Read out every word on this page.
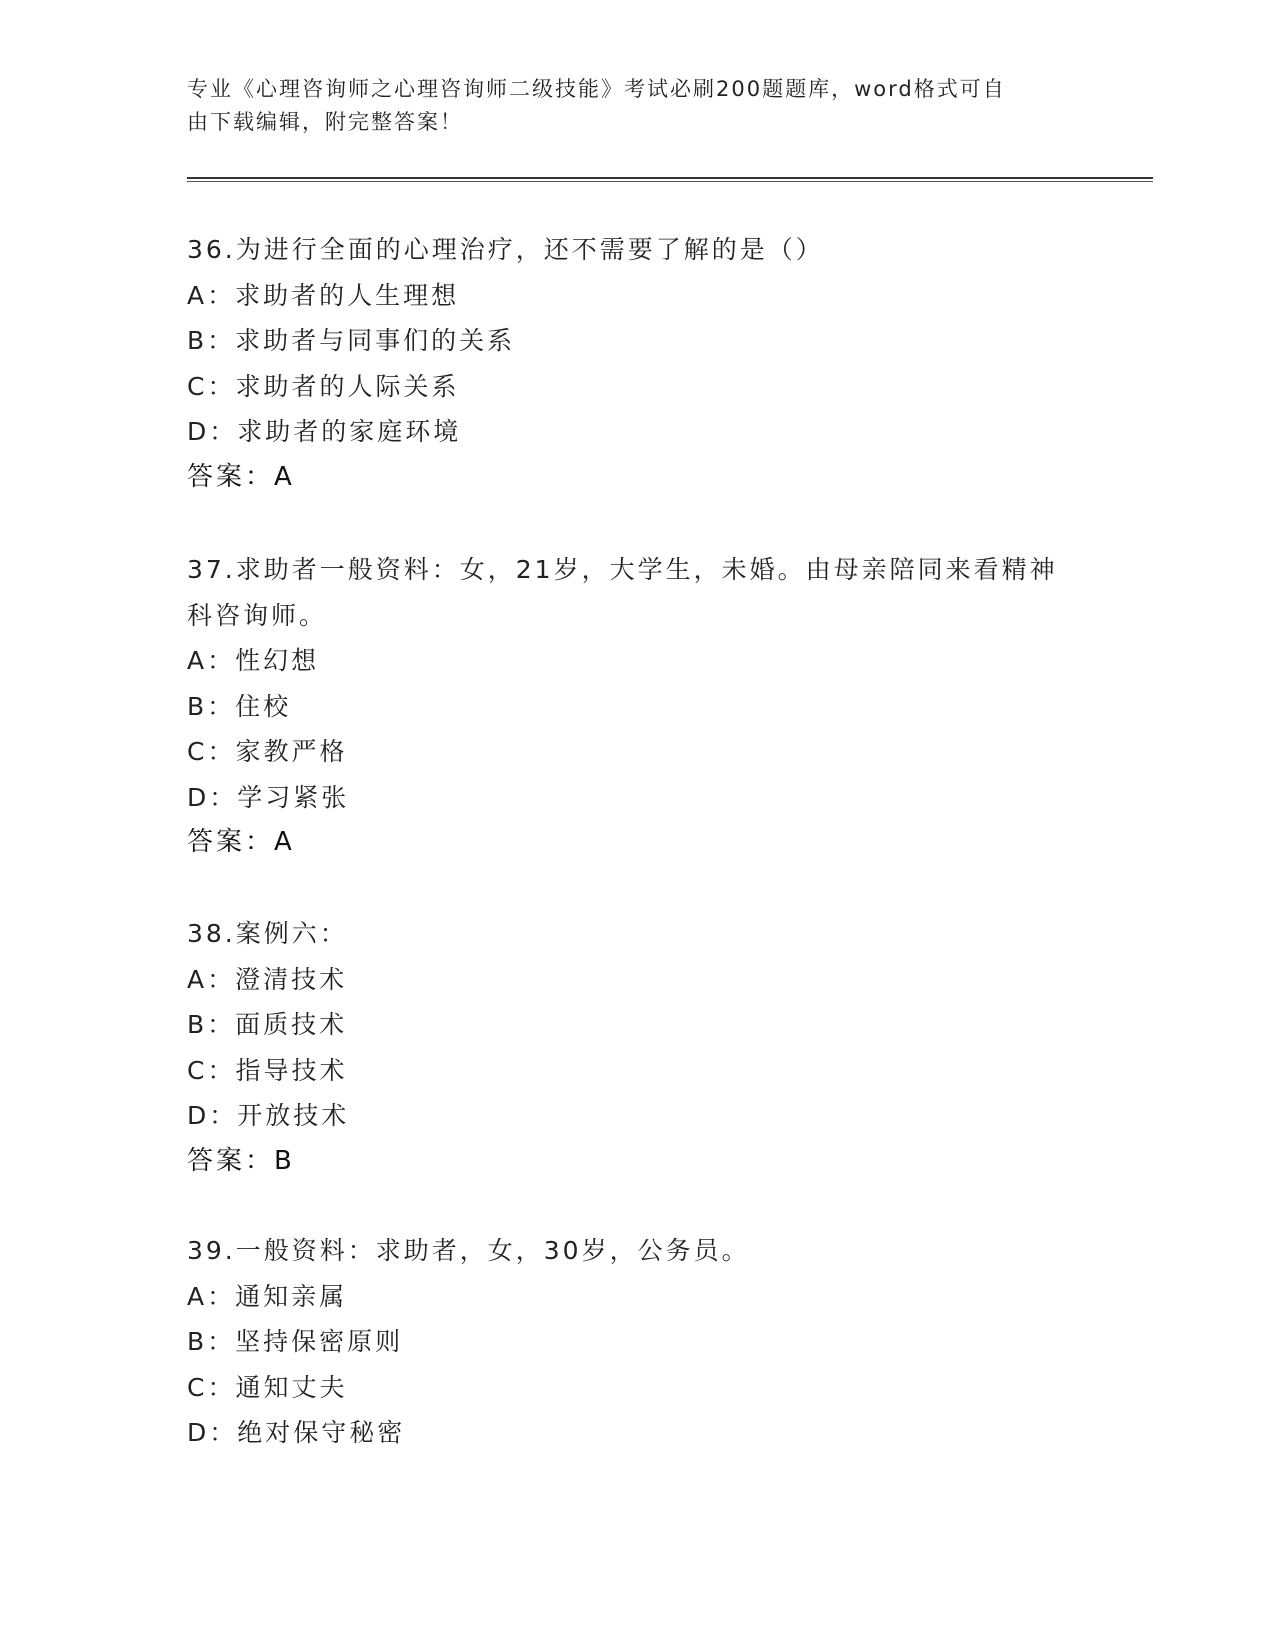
专业《心理咨询师之心理咨询师二级技能》考试必刷200题题库，word格式可自
由下载编辑，附完整答案！
36.为进行全面的心理治疗，还不需要了解的是（）
A：求助者的人生理想
B：求助者与同事们的关系
C：求助者的人际关系
D：求助者的家庭环境
答案：A
37.求助者一般资料：女，21岁，大学生，未婚。由母亲陪同来看精神
科咨询师。
A：性幻想
B：住校
C：家教严格
D：学习紧张
答案：A
38.案例六：
A：澄清技术
B：面质技术
C：指导技术
D：开放技术
答案：B
39.一般资料：求助者，女，30岁，公务员。
A：通知亲属
B：坚持保密原则
C：通知丈夫
D：绝对保守秘密
